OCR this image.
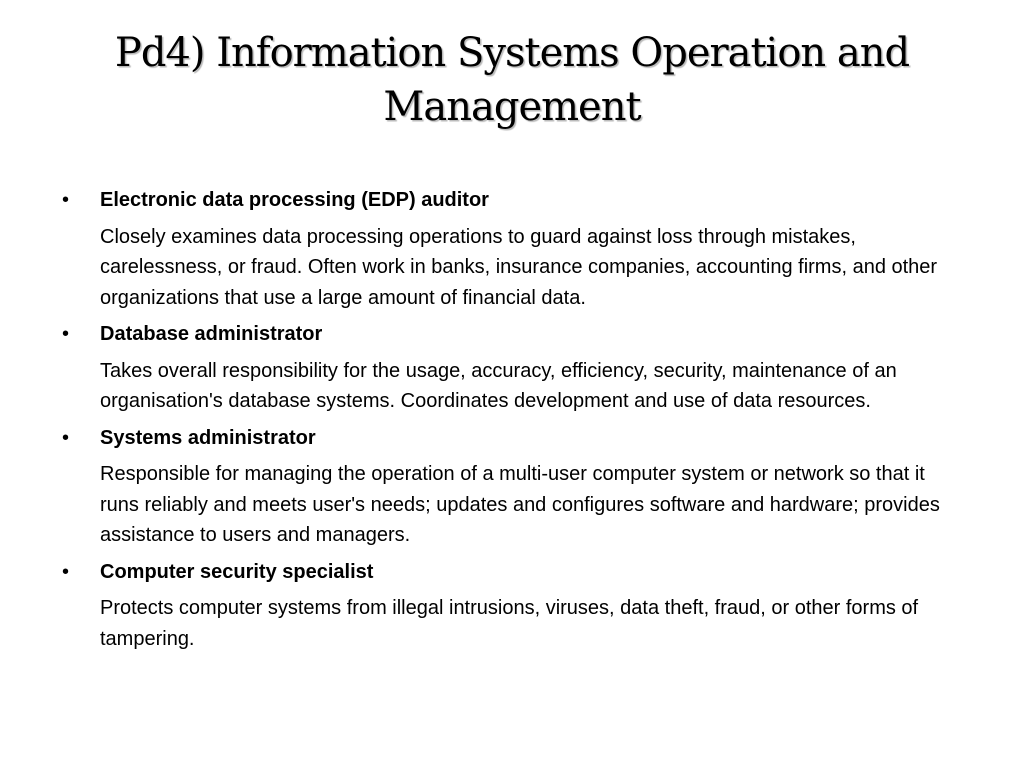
Pd4) Information Systems Operation and Management
•	Electronic data processing (EDP) auditor
Closely examines data processing operations to guard against loss through mistakes, carelessness, or fraud. Often work in banks, insurance companies, accounting firms, and other organizations that use a large amount of financial data.
•	Database administrator
Takes overall responsibility for the usage, accuracy, efficiency, security, maintenance of an organisation's database systems. Coordinates development and use of data resources.
•	Systems administrator
Responsible for managing the operation of a multi-user computer system or network so that it runs reliably and meets user's needs; updates and configures software and hardware; provides assistance to users and managers.
•	Computer security specialist
Protects computer systems from illegal intrusions, viruses, data theft, fraud, or other forms of tampering.
